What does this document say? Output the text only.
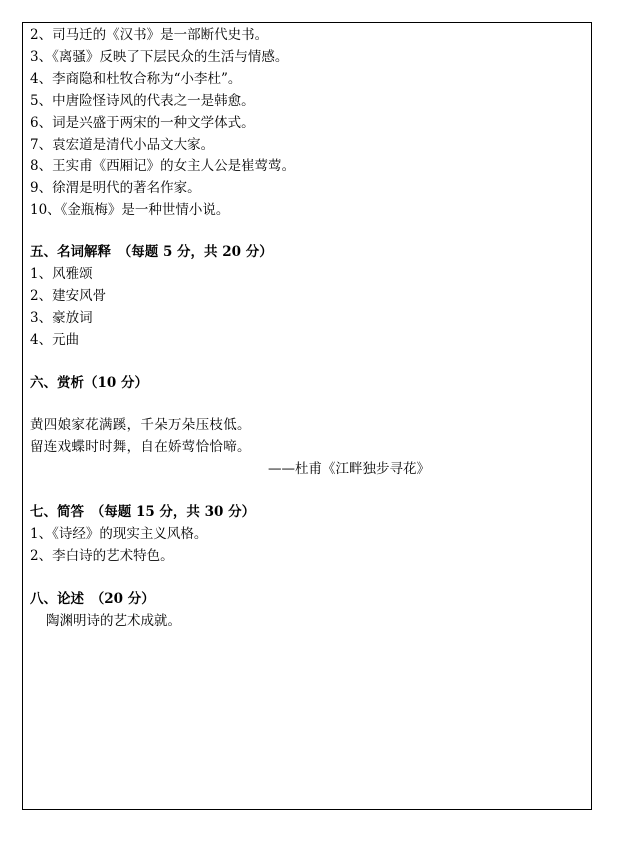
2、司马迁的《汉书》是一部断代史书。
3、《离骚》反映了下层民众的生活与情感。
4、李商隐和杜牧合称为“小李杜”。
5、中唐险怪诗风的代表之一是韩愈。
6、词是兴盛于两宋的一种文学体式。
7、袁宏道是清代小品文大家。
8、王实甫《西厢记》的女主人公是崔莺莺。
9、徐渭是明代的著名作家。
10、《金瓶梅》是一种世情小说。
五、名词解释　（每题 5 分，共 20 分）
1、风雅颂
2、建安风骨
3、豪放词
4、元曲
六、赏析（10 分）
黄四娘家花满蹊，千朵万朵压枝低。
留连戏蝶时时舞，自在娇莺恰恰啼。
——杜甫《江畔独步寻花》
七、简答　（每题 15 分，共 30 分）
1、《诗经》的现实主义风格。
2、李白诗的艺术特色。
八、论述　（20 分）
陶渊明诗的艺术成就。
